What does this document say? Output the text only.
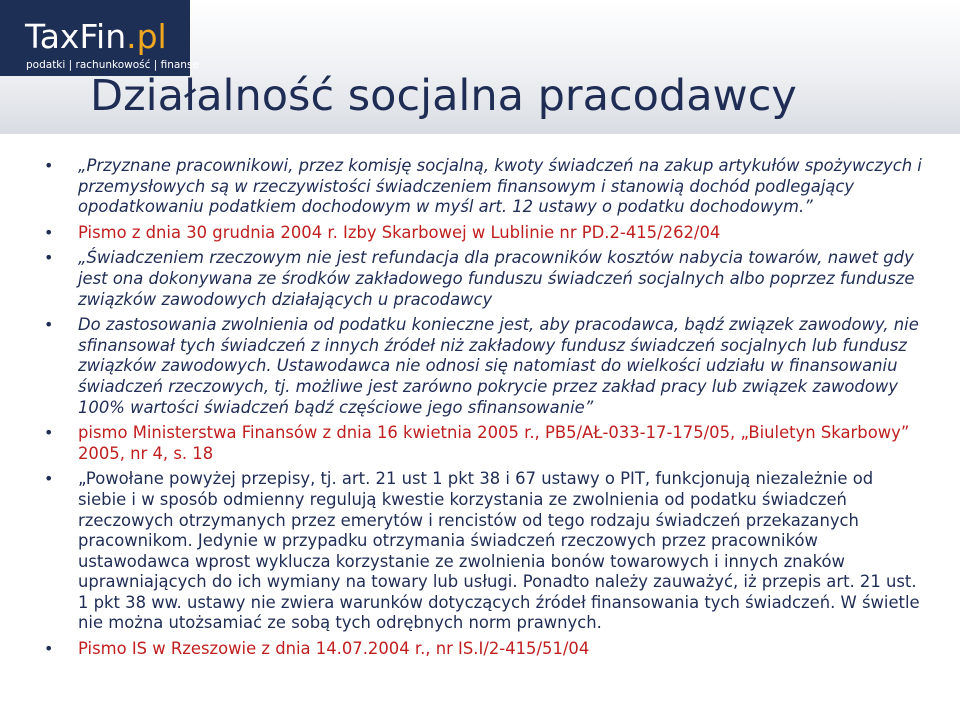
TaxFin.pl
podatki | rachunkowość | finanse
Działalność socjalna pracodawcy
•	„Przyznane pracownikowi, przez komisję socjalną, kwoty świadczeń na zakup artykułów spożywczych i przemysłowych są w rzeczywistości świadczeniem finansowym i stanowią dochód podlegający opodatkowaniu podatkiem dochodowym w myśl art. 12 ustawy o podatku dochodowym.”
•	Pismo z dnia 30 grudnia 2004 r. Izby Skarbowej w Lublinie nr PD.2-415/262/04
•	„Świadczeniem rzeczowym nie jest refundacja dla pracowników kosztów nabycia towarów, nawet gdy jest ona dokonywana ze środków zakładowego funduszu świadczeń socjalnych albo poprzez fundusze związków zawodowych działających u pracodawcy
•	Do zastosowania zwolnienia od podatku konieczne jest, aby pracodawca, bądź związek zawodowy, nie sfinansował tych świadczeń z innych źródeł niż zakładowy fundusz świadczeń socjalnych lub fundusz związków zawodowych. Ustawodawca nie odnosi się natomiast do wielkości udziału w finansowaniu świadczeń rzeczowych, tj. możliwe jest zarówno pokrycie przez zakład pracy lub związek zawodowy 100% wartości świadczeń bądź częściowe jego sfinansowanie”
•	pismo Ministerstwa Finansów z dnia 16 kwietnia 2005 r., PB5/AŁ-033-17-175/05, „Biuletyn Skarbowy” 2005, nr 4, s. 18
•	„Powołane powyżej przepisy, tj. art. 21 ust 1 pkt 38 i 67 ustawy o PIT, funkcjonują niezależnie od siebie i w sposób odmienny regulują kwestie korzystania ze zwolnienia od podatku świadczeń rzeczowych otrzymanych przez emerytów i rencistów od tego rodzaju świadczeń przekazanych pracownikom. Jedynie w przypadku otrzymania świadczeń rzeczowych przez pracowników ustawodawca wprost wyklucza korzystanie ze zwolnienia bonów towarowych i innych znaków uprawniających do ich wymiany na towary lub usługi. Ponadto należy zauważyć, iż przepis art. 21 ust. 1 pkt 38 ww. ustawy nie zwiera warunków dotyczących źródeł finansowania tych świadczeń. W świetle nie można utożsamiać ze sobą tych odrębnych norm prawnych.
•	Pismo IS w Rzeszowie z dnia 14.07.2004 r., nr IS.I/2-415/51/04
